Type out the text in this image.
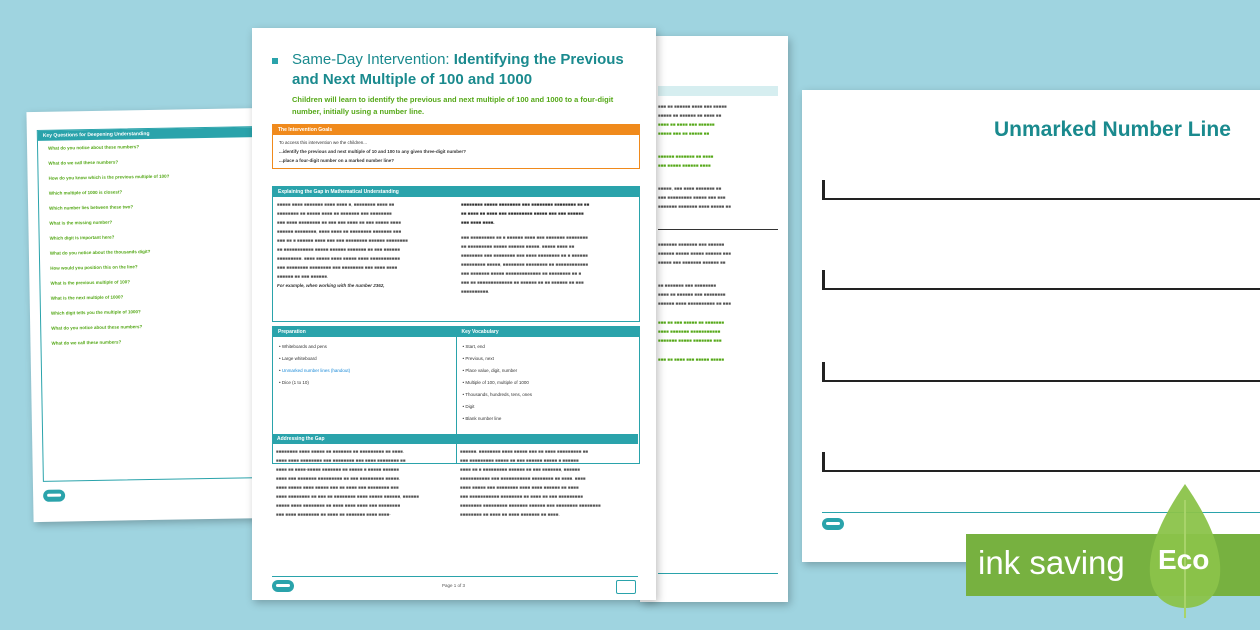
Key Questions for Deepening Understanding
What do you notice about these numbers?
What do we call these numbers?
How do you know which is the previous multiple of 100?
Which multiple of 1000 is closest?
Which number lies between these two?
What is the missing number?
Which digit is important here?
What do you notice about the thousands digit?
How would you position this on the line?
What is the previous multiple of 100?
What is the next multiple of 1000?
Which digit tells you the multiple of 1000?
What do you notice about these numbers?
What do we call these numbers?
■■■ ■■ ■■■■■■ ■■■■ ■■■ ■■■■■
■■■■■ ■■ ■■■■■■ ■■ ■■■■ ■■
■■■■ ■■ ■■■■ ■■■ ■■■■■■
■■■■■ ■■■ ■■ ■■■■■ ■■
■■■■■■ ■■■■■■■ ■■ ■■■■
■■■ ■■■■■ ■■■■■■ ■■■■
■■■■■, ■■■ ■■■■ ■■■■■■■ ■■
■■■ ■■■■■■■■■ ■■■■■ ■■■ ■■■
■■■■■■■ ■■■■■■■ ■■■■ ■■■■■ ■■
■■■■■■■ ■■■■■■■ ■■■ ■■■■■■
■■■■■■ ■■■■■ ■■■■■ ■■■■■■ ■■■
■■■■■ ■■■ ■■■■■■■ ■■■■■■ ■■
■■ ■■■■■■■ ■■■ ■■■■■■■■
■■■■ ■■ ■■■■■■ ■■■ ■■■■■■■■
■■■■■■ ■■■■ ■■■■■■■■■■ ■■ ■■■
■■■ ■■ ■■■ ■■■■■ ■■ ■■■■■■■
■■■■ ■■■■■■■ ■■■■■■■■■■■
■■■■■■■ ■■■■■ ■■■■■■■ ■■■
■■■ ■■ ■■■■ ■■■ ■■■■■ ■■■■■
Same-Day Intervention: Identifying the Previous and Next Multiple of 100 and 1000
Children will learn to identify the previous and next multiple of 100 and 1000 to a four-digit number, initially using a number line.
The Intervention Goals
To access this intervention we the children...
...identify the previous and next multiple of 10 and 100 to any given three-digit number?
...place a four-digit number on a marked number line?
Explaining the Gap in Mathematical Understanding
■■■■■ ■■■■ ■■■■■■■ ■■■■ ■■■■ ■, ■■■■■■■■ ■■■■ ■■
■■■■■■■■ ■■ ■■■■■ ■■■■ ■■ ■■■■■■■ ■■■ ■■■■■■■■
■■■ ■■■■ ■■■■■■■■ ■■ ■■■ ■■■ ■■■■ ■■ ■■■ ■■■■■ ■■■■
■■■■■■ ■■■■■■■■, ■■■■ ■■■■ ■■ ■■■■■■■■ ■■■■■■■ ■■■
■■■ ■■ ■ ■■■■■■ ■■■■ ■■■ ■■■ ■■■■■■■■ ■■■■■■ ■■■■■■■■
■■ ■■■■■■■■■■■ ■■■■■ ■■■■■■ ■■■■■■■ ■■ ■■■ ■■■■■■
■■■■■■■■■. ■■■■ ■■■■■ ■■■■ ■■■■■ ■■■■ ■■■■■■■■■■■
■■■ ■■■■■■■■ ■■■■■■■■ ■■■ ■■■■■■■■ ■■■ ■■■■ ■■■■
■■■■■■ ■■ ■■■ ■■■■■■.
For example, when working with the number 2362,
■■■■■■■■ ■■■■■ ■■■■■■■■ ■■■ ■■■■■■■■ ■■■■■■■■ ■■ ■■
■■ ■■■■ ■■ ■■■■ ■■■ ■■■■■■■■■ ■■■■■ ■■■ ■■■ ■■■■■■
■■■ ■■■■ ■■■■.
■■■ ■■■■■■■■■ ■■ ■ ■■■■■■ ■■■■ ■■■ ■■■■■■■ ■■■■■■■■
■■ ■■■■■■■■■ ■■■■■ ■■■■■■ ■■■■■. ■■■■■ ■■■■ ■■
■■■■■■■■ ■■■ ■■■■■■■■ ■■■ ■■■■ ■■■■■■■■ ■■ ■ ■■■■■■
■■■■■■■■■ ■■■■■, ■■■■■■■■ ■■■■■■■■ ■■ ■■■■■■■■■■■■
■■■ ■■■■■■■ ■■■■■ ■■■■■■■■■■■■■ ■■ ■■■■■■■■ ■■ ■
■■■ ■■ ■■■■■■■■■■■■■ ■■ ■■■■■■ ■■ ■■ ■■■■■■ ■■ ■■■
■■■■■■■■■■.
Preparation
• Whiteboards and pens
• Large whiteboard
• Unmarked number lines (handout)
• Dice (1 to 10)
Key Vocabulary
• Start, end
• Previous, next
• Place value, digit, number
• Multiple of 100, multiple of 1000
• Thousands, hundreds, tens, ones
• Digit
• Blank number line
Addressing the Gap
■■■■■■■■ ■■■■ ■■■■■ ■■ ■■■■■■■ ■■ ■■■■■■■■■ ■■ ■■■■.
■■■■ ■■■■ ■■■■■■■■ ■■■ ■■■■■■■■ ■■■ ■■■■ ■■■■■■■■ ■■
■■■■ ■■ ■■■■-■■■■■ ■■■■■■■ ■■ ■■■■■ ■ ■■■■■ ■■■■■■
■■■■ ■■■ ■■■■■■■ ■■■■■■■■■ ■■ ■■■ ■■■■■■■■■ ■■■■■.
■■■■ ■■■■■ ■■■■ ■■■■■ ■■■ ■■ ■■■■ ■■■ ■■■■■■■■ ■■■
■■■■ ■■■■■■■■ ■■ ■■■ ■■ ■■■■■■■■ ■■■■ ■■■■■ ■■■■■■, ■■■■■■
■■■■■ ■■■■ ■■■■■■■■ ■■ ■■■■ ■■■■ ■■■■ ■■■ ■■■■■■■■
■■■ ■■■■ ■■■■■■■■ ■■ ■■■■ ■■ ■■■■■■■ ■■■■ ■■■■-
■■■■■■. ■■■■■■■■ ■■■■ ■■■■■ ■■■ ■■ ■■■■ ■■■■■■■■■ ■■
■■■ ■■■■■■■■■ ■■■■■ ■■ ■■■ ■■■■■■ ■■■■■ ■ ■■■■■■
■■■■ ■■ ■ ■■■■■■■■■ ■■■■■■ ■■ ■■■ ■■■■■■■, ■■■■■■
■■■■■■■■■■■ ■■■ ■■■■■■■■■■■ ■■■■■■■■ ■■ ■■■■. ■■■■
■■■■ ■■■■■ ■■■ ■■■■■■■■ ■■■■ ■■■■ ■■■■■■ ■■ ■■■■
■■■ ■■■■■■■■■■■ ■■■■■■■■ ■■ ■■■■ ■■ ■■■ ■■■■■■■■■
■■■■■■■■ ■■■■■■■■■ ■■■■■■■ ■■■■■■ ■■■ ■■■■■■■■ ■■■■■■■■
■■■■■■■■ ■■ ■■■■ ■■ ■■■■ ■■■■■■■ ■■ ■■■■.
Page 1 of 3
Unmarked Number Line
ink saving Eco
